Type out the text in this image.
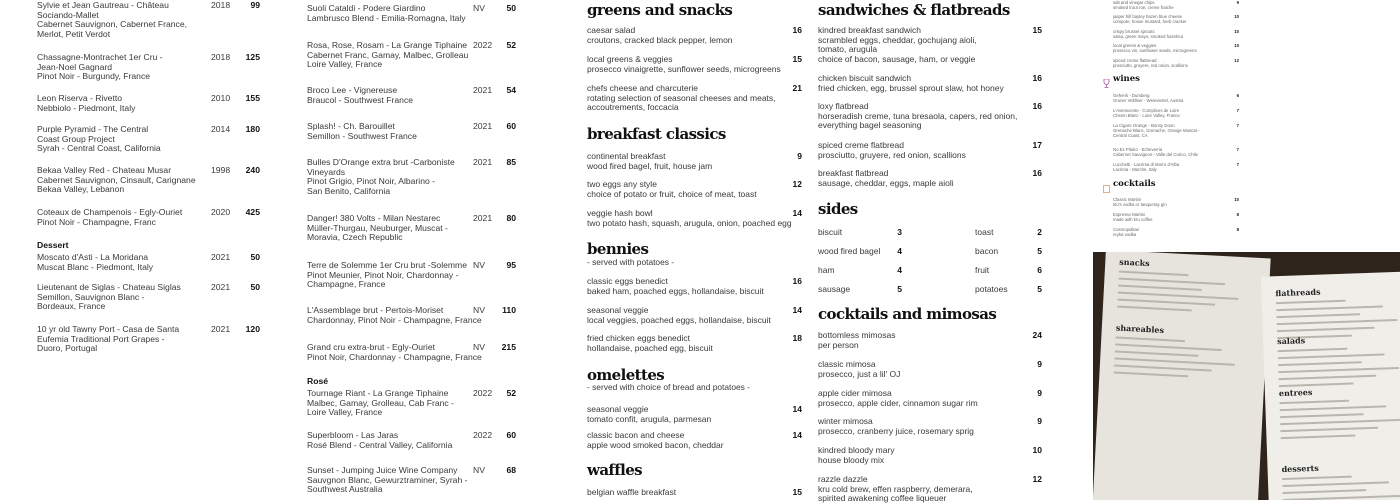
Sylvie et Jean Gautreau - Château
Sociando-Mallet
Cabernet Sauvignon, Cabernet France,
Merlot, Petit Verdot
2018 99
Chassagne-Montrachet 1er Cru -
Jean-Noel Gagnard
Pinot Noir - Burgundy, France
2018 125
Leon Riserva - Rivetto
Nebbiolo - Piedmont, Italy
2010 155
Purple Pyramid - The Central
Coast Group Project
Syrah - Central Coast, California
2014 180
Bekaa Valley Red - Chateau Musar
Cabernet Sauvignon, Cinsault, Carignane
Bekaa Valley, Lebanon
1998 240
Coteaux de Champenois - Egly-Ouriet
Pinot Noir - Champagne, Franc
2020 425
Dessert
Moscato d'Asti - La Moridana
Muscat Blanc - Piedmont, Italy
2021 50
Lieutenant de Siglas - Chateau Siglas
Semillon, Sauvignon Blanc -
Bordeaux, France
2021 50
10 yr old Tawny Port - Casa de Santa
Eufemia Traditional Port Grapes -
Duoro, Portugal
2021 120
Suoli Cataldi - Podere Giardino
Lambrusco Blend - Emilia-Romagna, Italy
NV 50
Rosa, Rose, Rosam - La Grange Tiphaine
Cabernet Franc, Gamay, Malbec, Grolleau
Loire Valley, France
2022 52
Broco Lee - Vignereuse
Braucol - Southwest France
2021 54
Splash! - Ch. Barouillet
Semillon - Southwest France
2021 60
Bulles D'Orange extra brut -Carboniste
Vineyards
Pinot Grigio, Pinot Noir, Albarino -
San Benito, California
2021 85
Danger! 380 Volts - Milan Nestarec
Müller-Thurgau, Neuburger, Muscat -
Moravia, Czech Republic
2021 80
Terre de Solemme 1er Cru brut -Solemme
Pinot Meunier, Pinot Noir, Chardonnay -
Champagne, France
NV 95
L'Assemblage brut - Pertois-Moriset
Chardonnay, Pinot Noir - Champagne, France
NV 110
Grand cru extra-brut - Egly-Ouriet
Pinot Noir, Chardonnay - Champagne, France
NV 215
Rosé
Tournage Riant - La Grange Tiphaine
Malbec, Gamay, Grolleau, Cab Franc -
Loire Valley, France
2022 52
Superbloom - Las Jaras
Rosé Blend - Central Valley, California
2022 60
Sunset - Jumping Juice Wine Company
Sauvgnon Blanc, Gewurztraminer, Syrah -
Southwest Australia
NV 68
greens and snacks
caesar salad
croutons, cracked black pepper, lemon
16
local greens & veggies
prosecco vinaigrette, sunflower seeds, microgreens
15
chefs cheese and charcuterie
rotating selection of seasonal cheeses and meats,
accoutrements, foccacia
21
breakfast classics
continental breakfast
wood fired bagel, fruit, house jam
9
two eggs any style
choice of potato or fruit, choice of meat, toast
12
veggie hash bowl
two potato hash, squash, arugula, onion, poached egg
14
bennies
- served with potatoes -
classic eggs benedict
baked ham, poached eggs, hollandaise, biscuit
16
seasonal veggie
local veggies, poached eggs, hollandaise, biscuit
14
fried chicken eggs benedict
hollandaise, poached egg, biscuit
18
omelettes
- served with choice of bread and potatoes -
seasonal veggie
tomato confit, arugula, parmesan
14
classic bacon and cheese
apple wood smoked bacon, cheddar
14
waffles
belgian waffle breakfast	15
sandwiches & flatbreads
kindred breakfast sandwich
scrambled eggs, cheddar, gochujang aioli,
tomato, arugula
choice of bacon, sausage, ham, or veggie
15
chicken biscuit sandwich
fried chicken, egg, brussel sprout slaw, hot honey
16
loxy flatbread
horseradish creme, tuna bresaola, capers, red onion,
everything bagel seasoning
16
spiced creme flatbread
prosciutto, gruyere, red onion, scallions
17
breakfast flatbread
sausage, cheddar, eggs, maple aioli
16
sides
cocktails and mimosas
bottomless mimosas
per person
24
classic mimosa
prosecco, just a lil' OJ
9
apple cider mimosa
prosecco, apple cider, cinnamon sugar rim
9
winter mimosa
prosecco, cranberry juice, rosemary sprig
9
kindred bloody mary
house bloody mix
10
razzle dazzle
kru cold brew, effen raspberry, demerara,
spirited awakening coffee liqueuer
12
biscuit	3	toast	2
wood fired bagel 4	bacon	5
ham	4	fruit	6
sausage	5	potatoes	5
salt and vinegar chips
smoked trout roe, creme fraiche
9
jasper hill bayley hazen blue cheese
compote, house mustard, herb cracker
10
crispy brussel sprouts
salsa, green mayo, smoked hazelnut
10
local greens & veggies
prosecco vin, sunflower seeds, microgreens
10
spiced creme flatbread
prosciutto, gruyere, red onion, scallions
12
wines
Gehenk - Dumberg
Gruner Veltliner - Weinviertel, Austria
6
L'Avenscente - Complices de Loire
Chenin Blanc - Loire Valley, France
7
La Cigare Orange - Bonny Doon
Grenache Blanc, Grenache, Orange Muscat -
Central Coast, CA
7
No Es Pituko - Echeverria
Cabernet Sauvignon - Valle del Curico, Chile
7
Lucchetti - Lacrima di Morro d'Alba
Lacrima - Marche, Italy
7
cocktails
Classic Martini
tito's vodka or tanqueray gin
10
Espresso Martini
made with kru coffee
8
Cosmopolitan
reyka vodka
8
snacks
shareables
flathreads
salads
entrees
desserts
